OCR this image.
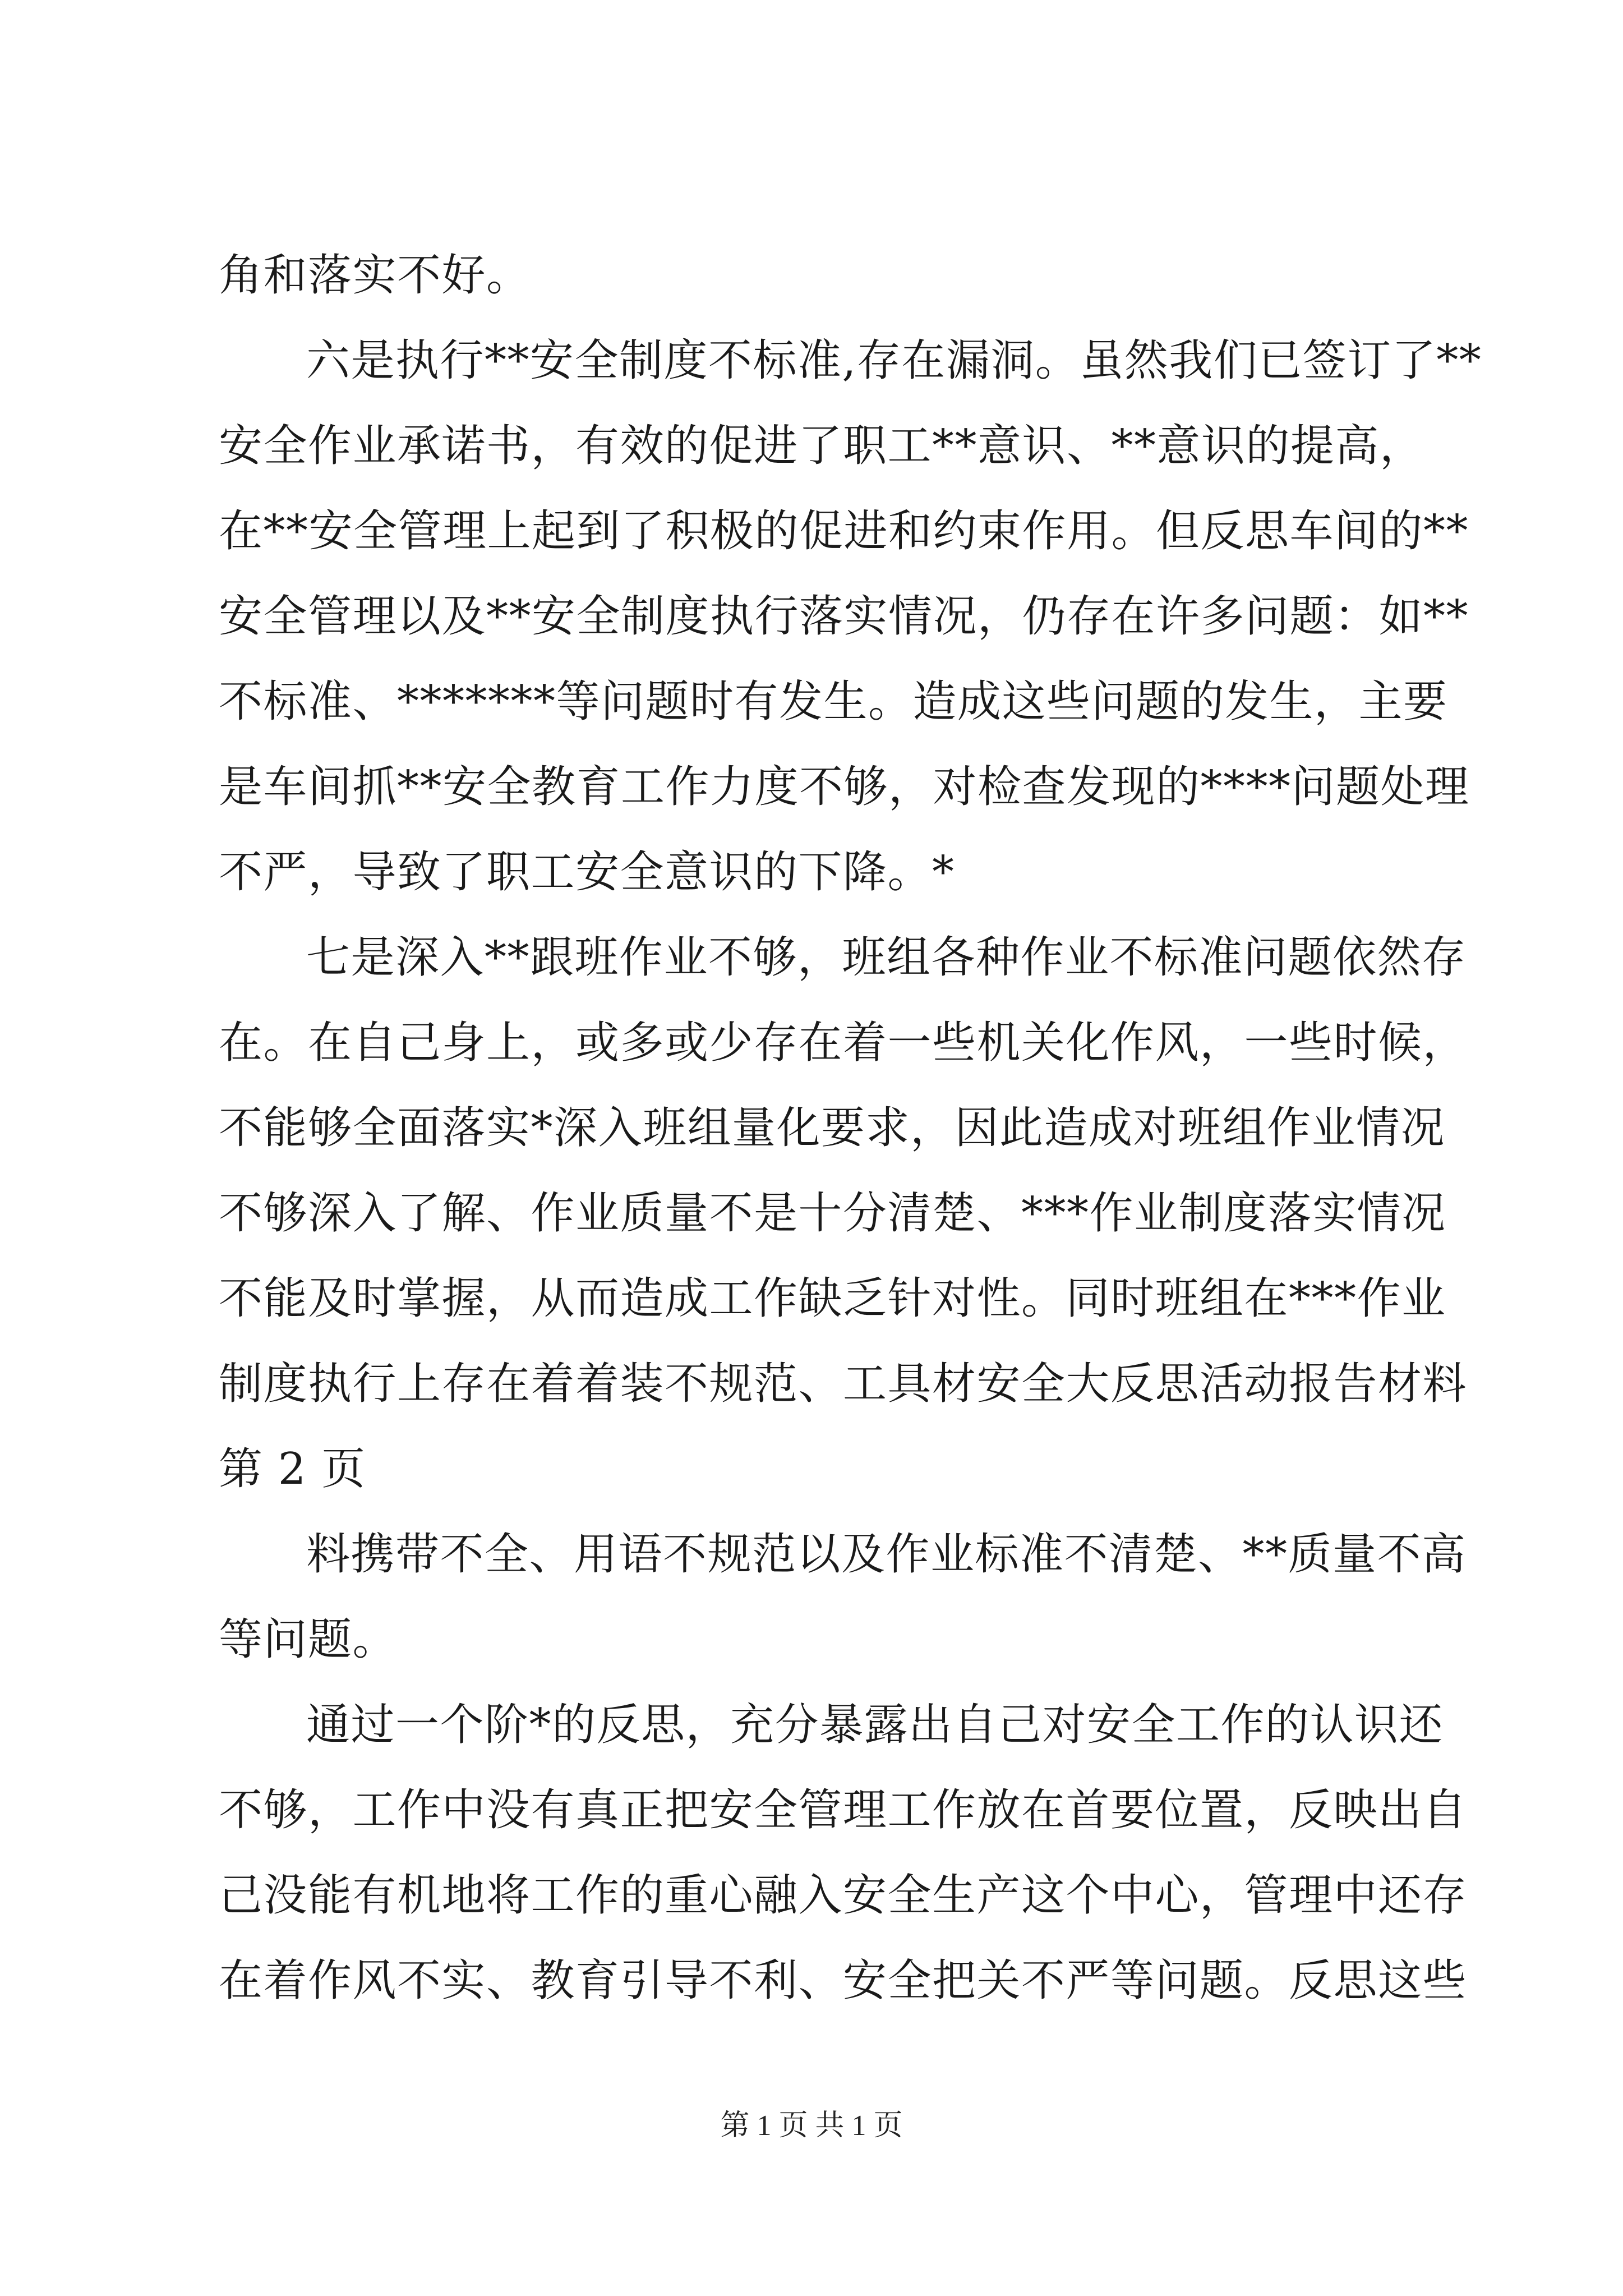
角和落实不好。
六是执行**安全制度不标准,存在漏洞。虽然我们已签订了**
安全作业承诺书，有效的促进了职工**意识、**意识的提高，
在**安全管理上起到了积极的促进和约束作用。但反思车间的**
安全管理以及**安全制度执行落实情况，仍存在许多问题：如**
不标准、*******等问题时有发生。造成这些问题的发生，主要
是车间抓**安全教育工作力度不够，对检查发现的****问题处理
不严，导致了职工安全意识的下降。*
七是深入**跟班作业不够，班组各种作业不标准问题依然存
在。在自己身上，或多或少存在着一些机关化作风，一些时候，
不能够全面落实*深入班组量化要求，因此造成对班组作业情况
不够深入了解、作业质量不是十分清楚、***作业制度落实情况
不能及时掌握，从而造成工作缺乏针对性。同时班组在***作业
制度执行上存在着着装不规范、工具材安全大反思活动报告材料
第 2 页
料携带不全、用语不规范以及作业标准不清楚、**质量不高
等问题。
通过一个阶*的反思，充分暴露出自己对安全工作的认识还
不够，工作中没有真正把安全管理工作放在首要位置，反映出自
己没能有机地将工作的重心融入安全生产这个中心，管理中还存
在着作风不实、教育引导不利、安全把关不严等问题。反思这些
第 1 页 共 1 页
